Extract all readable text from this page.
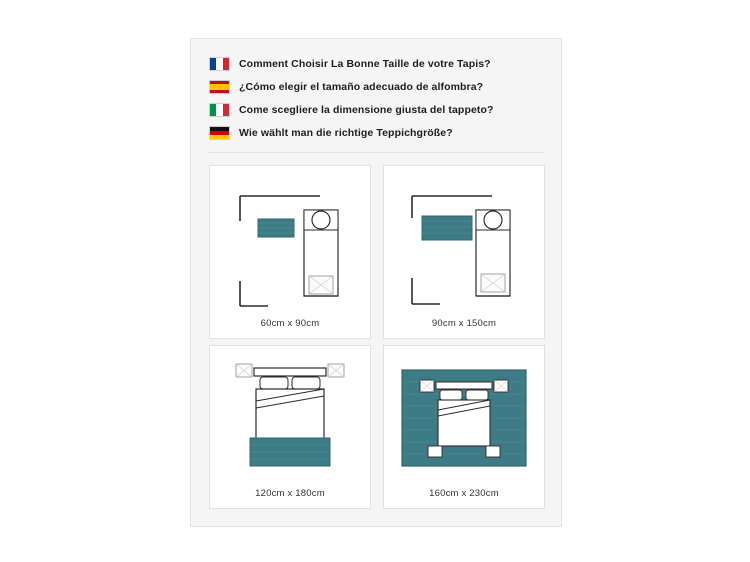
Comment Choisir La Bonne Taille de votre Tapis?
¿Cómo elegir el tamaño adecuado de alfombra?
Come scegliere la dimensione giusta del tappeto?
Wie wählt man die richtige Teppichgröße?
60cm x 90cm	90cm x 150cm
120cm x 180cm	160cm x 230cm
